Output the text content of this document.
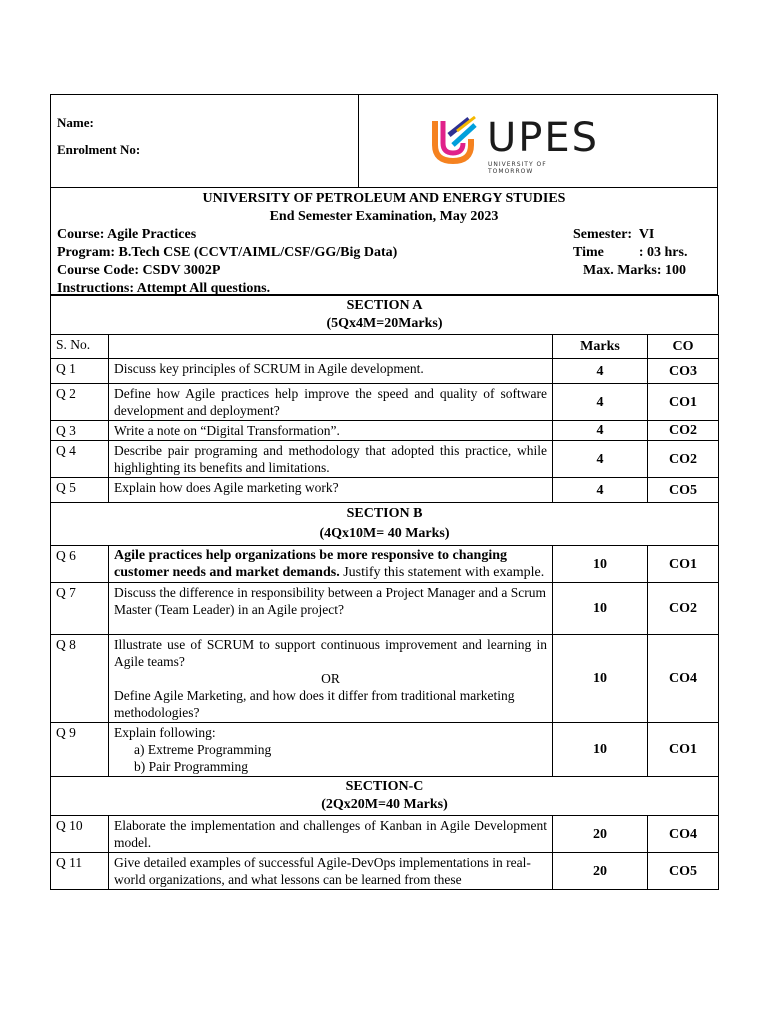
Name:
Enrolment No:	UPES
UNIVERSITY OF TOMORROW
UNIVERSITY OF PETROLEUM AND ENERGY STUDIES
End Semester Examination, May 2023
Course: Agile Practices	Semester:  VI
Program: B.Tech CSE (CCVT/AIML/CSF/GG/Big Data)	Time          : 03 hrs.
Course Code: CSDV 3002P	Max. Marks: 100
Instructions: Attempt All questions.
SECTION A
(5Qx4M=20Marks)			

S. No.		Marks	CO
Q 1	Discuss key principles of SCRUM in Agile development.	4	CO3
Q 2	Define how Agile practices help improve the speed and quality of software development and deployment?	4	CO1
Q 3	Write a note on “Digital Transformation”.	4	CO2
Q 4	Describe pair programing and methodology that adopted this practice, while highlighting its benefits and limitations.	4	CO2
Q 5	Explain how does Agile marketing work?	4	CO5

SECTION B
(4Qx10M= 40 Marks)			

Q 6	Agile practices help organizations be more responsive to changing customer needs and market demands. Justify this statement with example.	10	CO1
Q 7	Discuss the difference in responsibility between a Project Manager and a Scrum Master (Team Leader) in an Agile project?	10	CO2
Q 8	Illustrate use of SCRUM to support continuous improvement and learning in Agile teams?
OR
Define Agile Marketing, and how does it differ from traditional marketing methodologies?	10	CO4
Q 9	Explain following:
a) Extreme Programming
b) Pair Programming	10	CO1

SECTION-C
(2Qx20M=40 Marks)			

Q 10	Elaborate the implementation and challenges of Kanban in Agile Development model.	20	CO4
Q 11	Give detailed examples of successful Agile-DevOps implementations in real-world organizations, and what lessons can be learned from these	20	CO5
